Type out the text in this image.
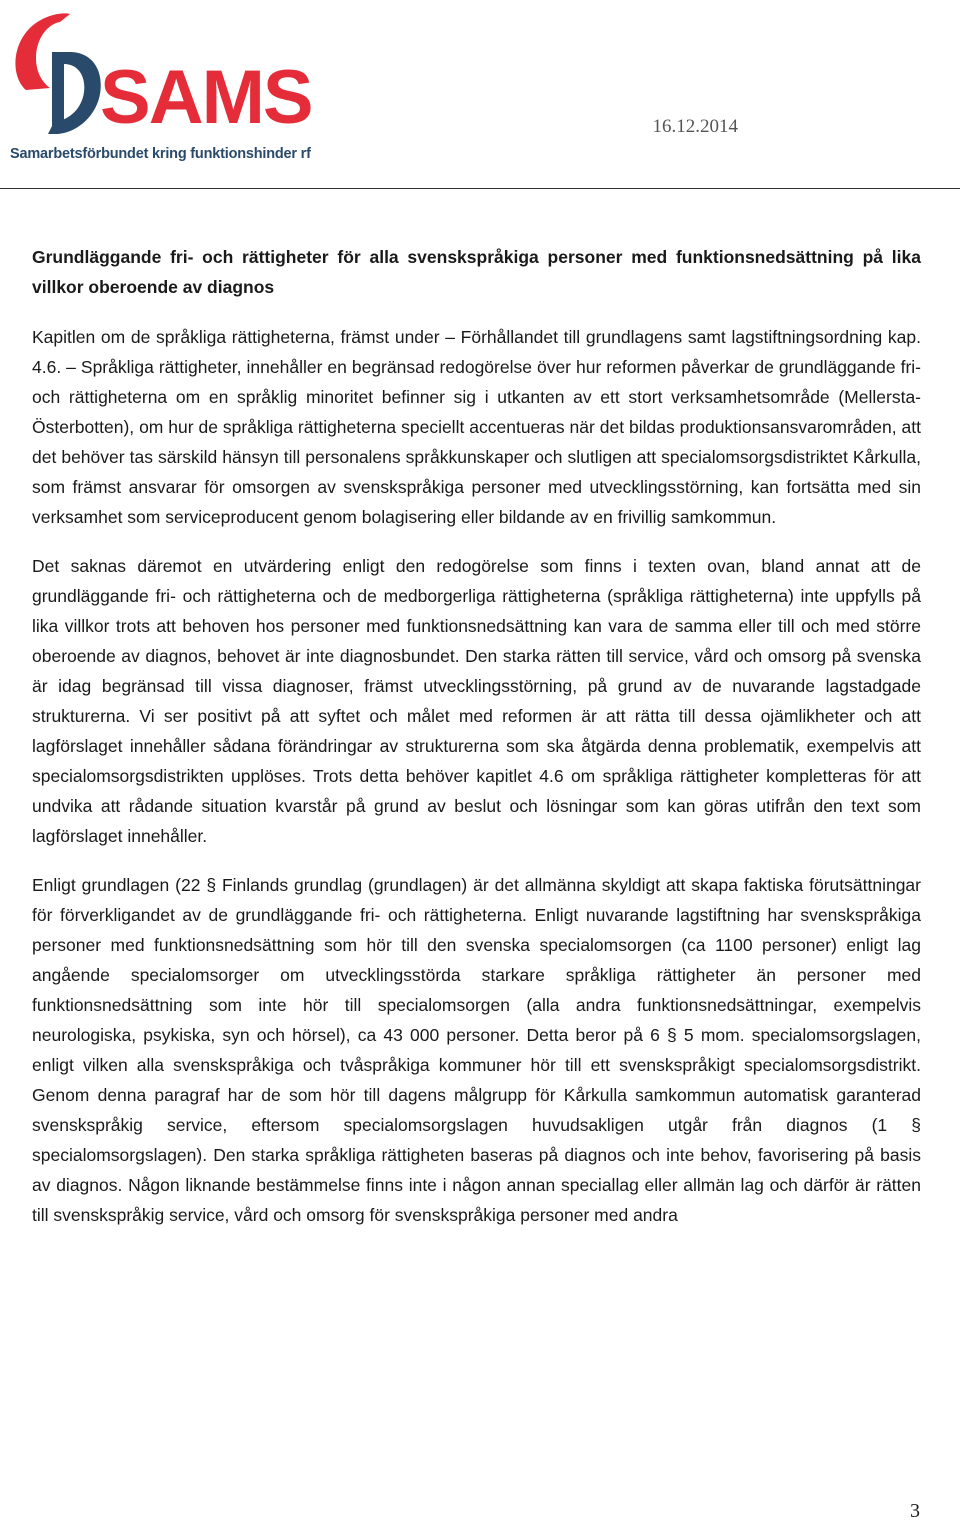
SAMS
Samarbetsförbundet kring funktionshinder rf
16.12.2014

Grundläggande fri- och rättigheter för alla svenskspråkiga personer med funktionsnedsättning på lika villkor oberoende av diagnos

Kapitlen om de språkliga rättigheterna, främst under – Förhållandet till grundlagens samt lagstiftningsordning kap. 4.6. – Språkliga rättigheter, innehåller en begränsad redogörelse över hur reformen påverkar de grundläggande fri- och rättigheterna om en språklig minoritet befinner sig i utkanten av ett stort verksamhetsområde (Mellersta-Österbotten), om hur de språkliga rättigheterna speciellt accentueras när det bildas produktionsansvarområden, att det behöver tas särskild hänsyn till personalens språkkunskaper och slutligen att specialomsorgsdistriktet Kårkulla, som främst ansvarar för omsorgen av svenskspråkiga personer med utvecklingsstörning, kan fortsätta med sin verksamhet som serviceproducent genom bolagisering eller bildande av en frivillig samkommun.

Det saknas däremot en utvärdering enligt den redogörelse som finns i texten ovan, bland annat att de grundläggande fri- och rättigheterna och de medborgerliga rättigheterna (språkliga rättigheterna) inte uppfylls på lika villkor trots att behoven hos personer med funktionsnedsättning kan vara de samma eller till och med större oberoende av diagnos, behovet är inte diagnosbundet. Den starka rätten till service, vård och omsorg på svenska är idag begränsad till vissa diagnoser, främst utvecklingsstörning, på grund av de nuvarande lagstadgade strukturerna. Vi ser positivt på att syftet och målet med reformen är att rätta till dessa ojämlikheter och att lagförslaget innehåller sådana förändringar av strukturerna som ska åtgärda denna problematik, exempelvis att specialomsorgsdistrikten upplöses. Trots detta behöver kapitlet 4.6 om språkliga rättigheter kompletteras för att undvika att rådande situation kvarstår på grund av beslut och lösningar som kan göras utifrån den text som lagförslaget innehåller.

Enligt grundlagen (22 § Finlands grundlag (grundlagen) är det allmänna skyldigt att skapa faktiska förutsättningar för förverkligandet av de grundläggande fri- och rättigheterna. Enligt nuvarande lagstiftning har svenskspråkiga personer med funktionsnedsättning som hör till den svenska specialomsorgen (ca 1100 personer) enligt lag angående specialomsorger om utvecklingsstörda starkare språkliga rättigheter än personer med funktionsnedsättning som inte hör till specialomsorgen (alla andra funktionsnedsättningar, exempelvis neurologiska, psykiska, syn och hörsel), ca 43 000 personer. Detta beror på 6 § 5 mom. specialomsorgslagen, enligt vilken alla svenskspråkiga och tvåspråkiga kommuner hör till ett svenskspråkigt specialomsorgsdistrikt. Genom denna paragraf har de som hör till dagens målgrupp för Kårkulla samkommun automatisk garanterad svenskspråkig service, eftersom specialomsorgslagen huvudsakligen utgår från diagnos (1 § specialomsorgslagen). Den starka språkliga rättigheten baseras på diagnos och inte behov, favorisering på basis av diagnos. Någon liknande bestämmelse finns inte i någon annan speciallag eller allmän lag och därför är rätten till svenskspråkig service, vård och omsorg för svenskspråkiga personer med andra

3
